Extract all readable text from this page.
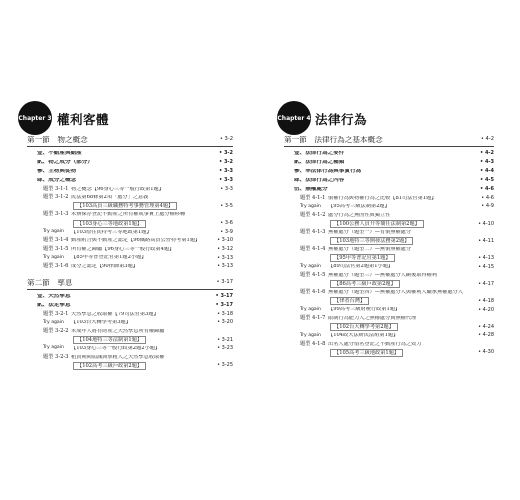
Chapter 3 權利客體
第一節　物之概念	• 3-2
壹、不動產與動產	• 3-2
貳、物之成分（部分）	• 3-2
參、主物與從物	• 3-3
肆、成分之概念	• 3-3
題型 3-1-1 物之概念【96身心三等一般行政第1題】	• 3-3
題型 3-1-2 民法第68條第2項「處分」之意義
【103高員三級職務特考事務管理第4題】	• 3-5
題型 3-1-3 未辦保存登記不動產之所有權或事實上處分權移轉
【103身心三等地政第1題】	• 3-6
Try again	【103原住民特考三等地政第1題】	• 3-9
題型 3-1-4 動產附合與不動產之認定【96鐵路高員公營特考第1題】	• 3-10
題型 3-1-5 所有權之歸屬【96身心三等一般行政第4題】	• 3-12
Try again	【85甲等普登記官第1題2小題】	• 3-13
題型 3-1-6 成分之認定【90律師第3題】	• 3-13
第二節　孳息	• 3-17
壹、天然孳息	• 3-17
貳、法定孳息	• 3-17
題型 3-2-1 天然孳息之收取權【79司法官第3題】	• 3-18
Try again	【103台大轉學考第3題】	• 3-20
題型 3-2-2 未成年人將有財產之天然孳息所有權歸屬
【104地特三等法制第1題】	• 3-21
Try again	【103身心三等一般行政第2題2小題】	• 3-23
題型 3-2-3 租賃期間屆滿與承租人之天然孳息收取權
【102高考三級戶政第2題】	• 3-25
法律行為
第一節　法律行為之基本概念	• 4-2
壹、法律行為之要件	• 4-2
貳、法律行為之種類	• 4-3
參、準法律行為與事實行為	• 4-4
肆、法律行為之內容	• 4-5
伍、無權處分	• 4-6
題型 4-1-1 債權行為與物權行為之比較【81司法官第1題】	• 4-6
Try again	【95高考三級法制第2題】	• 4-9
題型 4-1-2 處分行為之無因性與獨立性
【100公務人員升等簡任法制第2題】	• 4-10
題型 4-1-3 無權處分（題型一）—有償無權處分
【103地特三等開發法務第2題】	• 4-11
題型 4-1-4 無權處分（題型二）—無償無權處分
【95甲等普記官第1題】	• 4-13
Try again	【89司法官第2題第1小題】	• 4-15
題型 4-1-5 無權處分（題型三）—無權處分人嗣後取得權利
【86高考三級戶政第2題】	• 4-17
題型 4-1-6 無權處分（題型四）—無權處分人與權利人繼承無權處分人
【律者台灣】	• 4-18
Try again	【99高考三級財稅行政第1題】	• 4-20
題型 4-1-7 限制行為能力人之無權處分與無權代理
【102台大轉學考第2題】	• 4-24
Try again	【104政大法研民法組第1題】	• 4-28
題型 4-1-8 出名人處分借名登記之不動產行為之效力
【105高考三級地政第1題】	• 4-30
Chapter 4
